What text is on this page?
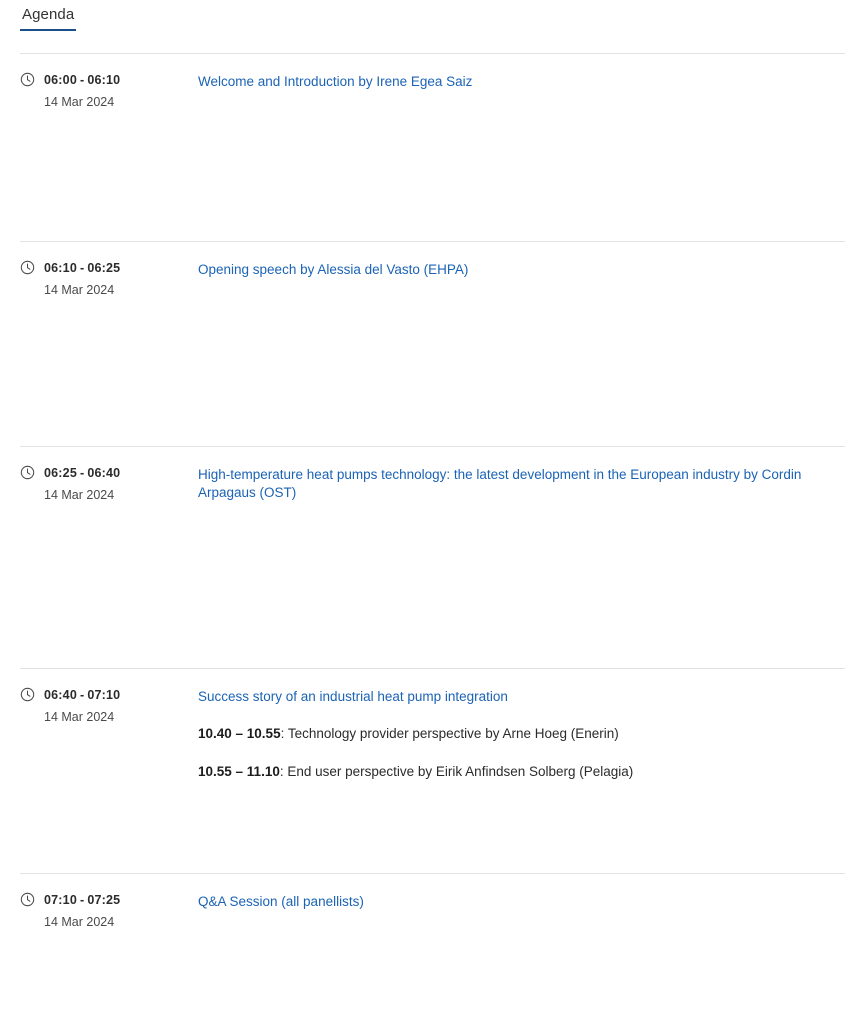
Agenda
06:00 - 06:10
14 Mar 2024
Welcome and Introduction by Irene Egea Saiz
06:10 - 06:25
14 Mar 2024
Opening speech by Alessia del Vasto (EHPA)
06:25 - 06:40
14 Mar 2024
High-temperature heat pumps technology: the latest development in the European industry by Cordin Arpagaus (OST)
06:40 - 07:10
14 Mar 2024
Success story of an industrial heat pump integration
10.40 – 10.55: Technology provider perspective by Arne Hoeg (Enerin)
10.55 – 11.10: End user perspective by Eirik Anfindsen Solberg (Pelagia)
07:10 - 07:25
14 Mar 2024
Q&A Session (all panellists)
